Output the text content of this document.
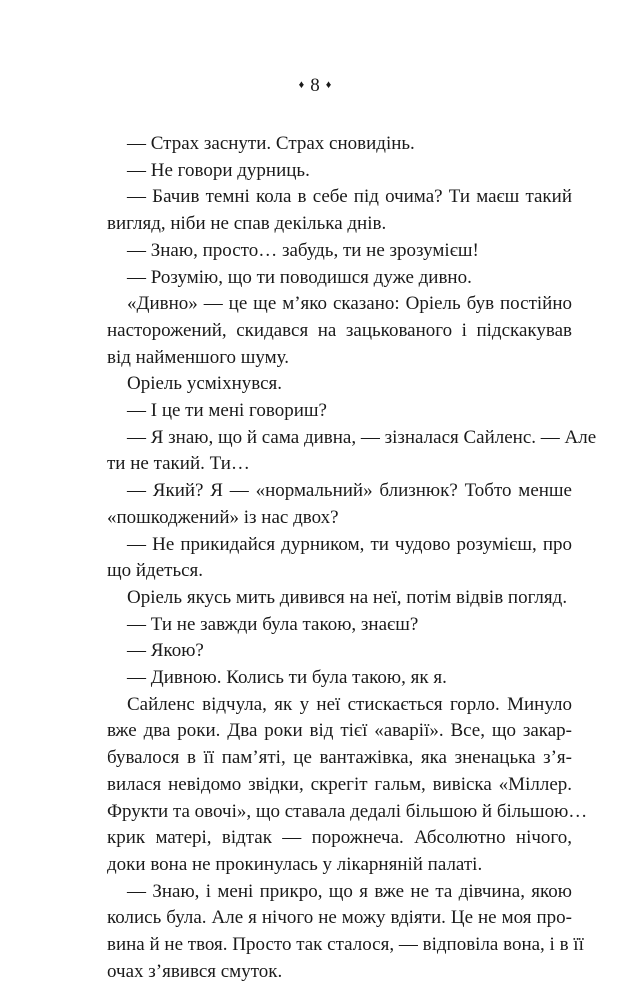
♦ 8 ♦
— Страх заснути. Страх сновидінь.
— Не говори дурниць.
— Бачив темні кола в себе під очима? Ти маєш такий
вигляд, ніби не спав декілька днів.
— Знаю, просто… забудь, ти не зрозумієш!
— Розумію, що ти поводишся дуже дивно.
«Дивно» — це ще м’яко сказано: Оріель був постійно
насторожений, скидався на зацькованого і підскакував
від найменшого шуму.
Оріель усміхнувся.
— І це ти мені говориш?
— Я знаю, що й сама дивна, — зізналася Сайленс. — Але
ти не такий. Ти…
— Який? Я — «нормальний» близнюк? Тобто менше
«пошкоджений» із нас двох?
— Не прикидайся дурником, ти чудово розумієш, про
що йдеться.
Оріель якусь мить дивився на неї, потім відвів погляд.
— Ти не завжди була такою, знаєш?
— Якою?
— Дивною. Колись ти була такою, як я.
Сайленс відчула, як у неї стискається горло. Минуло
вже два роки. Два роки від тієї «аварії». Все, що закар-
бувалося в її пам’яті, це вантажівка, яка зненацька з’я-
вилася невідомо звідки, скрегіт гальм, вивіска «Міллер.
Фрукти та овочі», що ставала дедалі більшою й більшою…
крик матері, відтак — порожнеча. Абсолютно нічого,
доки вона не прокинулась у лікарняній палаті.
— Знаю, і мені прикро, що я вже не та дівчина, якою
колись була. Але я нічого не можу вдіяти. Це не моя про-
вина й не твоя. Просто так сталося, — відповіла вона, і в її
очах з’явився смуток.
